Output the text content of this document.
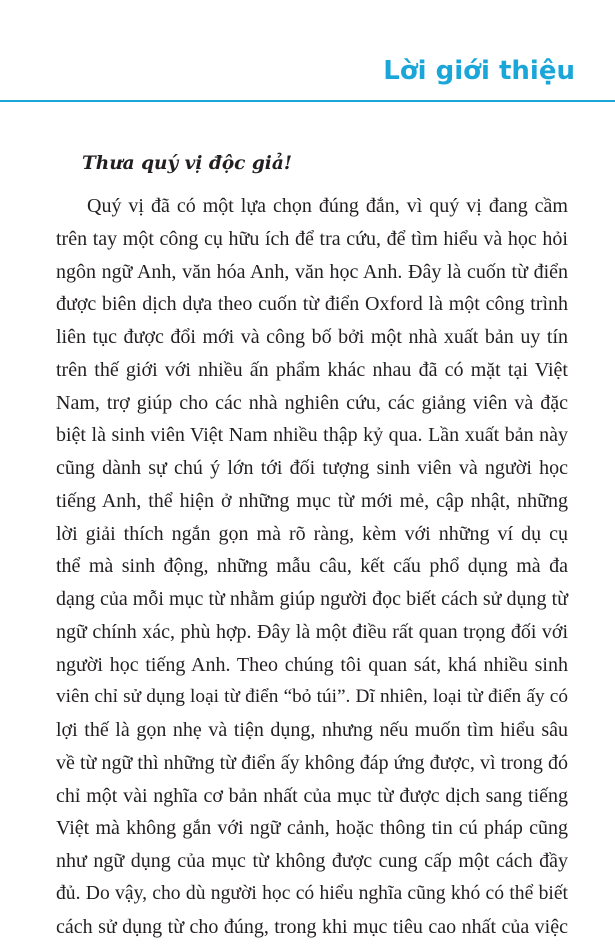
Lời giới thiệu
Thưa quý vị độc giả!
Quý vị đã có một lựa chọn đúng đắn, vì quý vị đang cầm
trên tay một công cụ hữu ích để tra cứu, để tìm hiểu và học hỏi
ngôn ngữ Anh, văn hóa Anh, văn học Anh. Đây là cuốn từ điển
được biên dịch dựa theo cuốn từ điển Oxford là một công trình
liên tục được đổi mới và công bố bởi một nhà xuất bản uy tín
trên thế giới với nhiều ấn phẩm khác nhau đã có mặt tại Việt
Nam, trợ giúp cho các nhà nghiên cứu, các giảng viên và đặc
biệt là sinh viên Việt Nam nhiều thập kỷ qua. Lần xuất bản này
cũng dành sự chú ý lớn tới đối tượng sinh viên và người học
tiếng Anh, thể hiện ở những mục từ mới mẻ, cập nhật, những
lời giải thích ngắn gọn mà rõ ràng, kèm với những ví dụ cụ
thể mà sinh động, những mẫu câu, kết cấu phổ dụng mà đa
dạng của mỗi mục từ nhằm giúp người đọc biết cách sử dụng từ
ngữ chính xác, phù hợp. Đây là một điều rất quan trọng đối với
người học tiếng Anh. Theo chúng tôi quan sát, khá nhiều sinh
viên chỉ sử dụng loại từ điển “bỏ túi”. Dĩ nhiên, loại từ điển ấy có
lợi thế là gọn nhẹ và tiện dụng, nhưng nếu muốn tìm hiểu sâu
về từ ngữ thì những từ điển ấy không đáp ứng được, vì trong đó
chỉ một vài nghĩa cơ bản nhất của mục từ được dịch sang tiếng
Việt mà không gắn với ngữ cảnh, hoặc thông tin cú pháp cũng
như ngữ dụng của mục từ không được cung cấp một cách đầy
đủ. Do vậy, cho dù người học có hiểu nghĩa cũng khó có thể biết
cách sử dụng từ cho đúng, trong khi mục tiêu cao nhất của việc
